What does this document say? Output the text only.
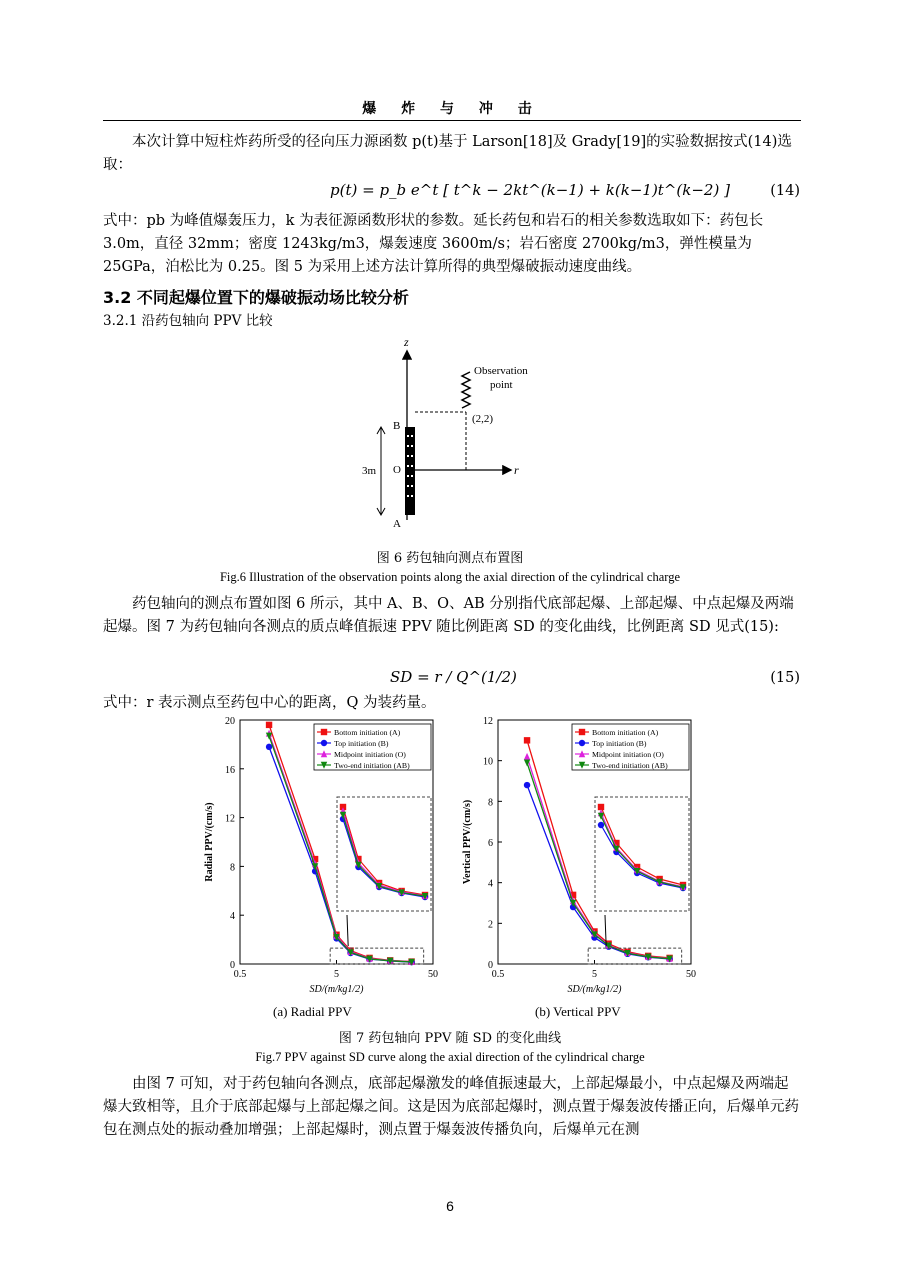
爆 炸 与 冲 击
本次计算中短柱炸药所受的径向压力源函数 p(t)基于 Larson[18]及 Grady[19]的实验数据按式(14)选取：
p(t) = p_b e^t [ t^k − 2kt^(k−1) + k(k−1)t^(k−2) ]	(14)
式中：pb 为峰值爆轰压力，k 为表征源函数形状的参数。延长药包和岩石的相关参数选取如下：药包长 3.0m，直径 32mm；密度 1243kg/m3，爆轰速度 3600m/s；岩石密度 2700kg/m3，弹性模量为 25GPa，泊松比为 0.25。图 5 为采用上述方法计算所得的典型爆破振动速度曲线。
3.2 不同起爆位置下的爆破振动场比较分析
3.2.1 沿药包轴向 PPV 比较
z
r
B
O
A
3m
Observation
point
(2,2)
图 6 药包轴向测点布置图
Fig.6 Illustration of the observation points along the axial direction of the cylindrical charge
药包轴向的测点布置如图 6 所示，其中 A、B、O、AB 分别指代底部起爆、上部起爆、中点起爆及两端起爆。图 7 为药包轴向各测点的质点峰值振速 PPV 随比例距离 SD 的变化曲线，比例距离 SD 见式(15):
SD = r / Q^(1/2)	(15)
式中：r 表示测点至药包中心的距离，Q 为装药量。
0
4
8
12
16
20
0.5	5	50
SD/(m/kg1/2)
Radial PPV/(cm/s)
Bottom initiation (A)
Top initiation (B)
Midpoint initiation (O)
Two-end initiation (AB)
0
2
4
6
8
10
12
0.5	5	50
SD/(m/kg1/2)
Vertical PPV/(cm/s)
Bottom initiation (A)
Top initiation (B)
Midpoint initiation (O)
Two-end initiation (AB)
(a) Radial PPV	(b) Vertical PPV
图 7 药包轴向 PPV 随 SD 的变化曲线
Fig.7 PPV against SD curve along the axial direction of the cylindrical charge
由图 7 可知，对于药包轴向各测点，底部起爆激发的峰值振速最大，上部起爆最小，中点起爆及两端起爆大致相等，且介于底部起爆与上部起爆之间。这是因为底部起爆时，测点置于爆轰波传播正向，后爆单元药包在测点处的振动叠加增强；上部起爆时，测点置于爆轰波传播负向，后爆单元在测
6
